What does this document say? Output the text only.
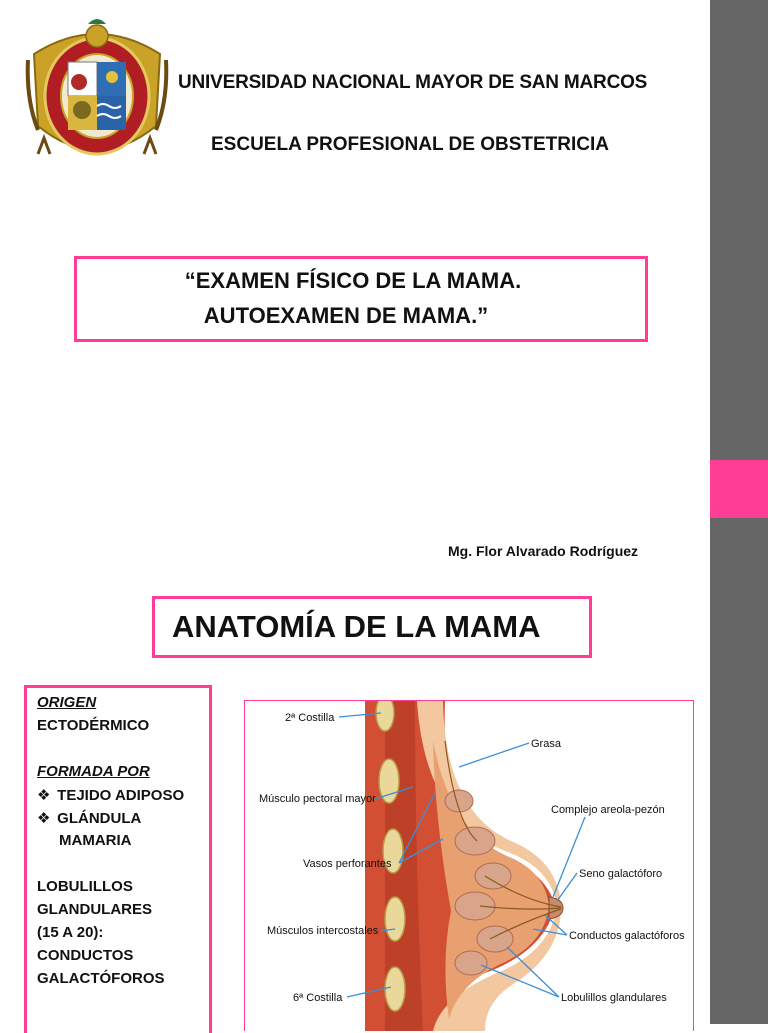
UNIVERSIDAD NACIONAL MAYOR DE SAN MARCOS
ESCUELA PROFESIONAL DE OBSTETRICIA
“EXAMEN FÍSICO DE LA MAMA.
AUTOEXAMEN DE MAMA.”
Mg. Flor Alvarado Rodríguez
ANATOMÍA DE LA MAMA
ORIGEN
ECTODÉRMICO
FORMADA POR
❖ TEJIDO ADIPOSO
❖ GLÁNDULA
MAMARIA
LOBULILLOS
GLANDULARES
(15 A 20):
CONDUCTOS
GALACTÓFOROS
2ª Costilla
Grasa
Músculo pectoral mayor
Complejo areola-pezón
Vasos perforantes
Seno galactóforo
Músculos intercostales	Conductos galactóforos
6ª Costilla	Lobulillos glandulares
